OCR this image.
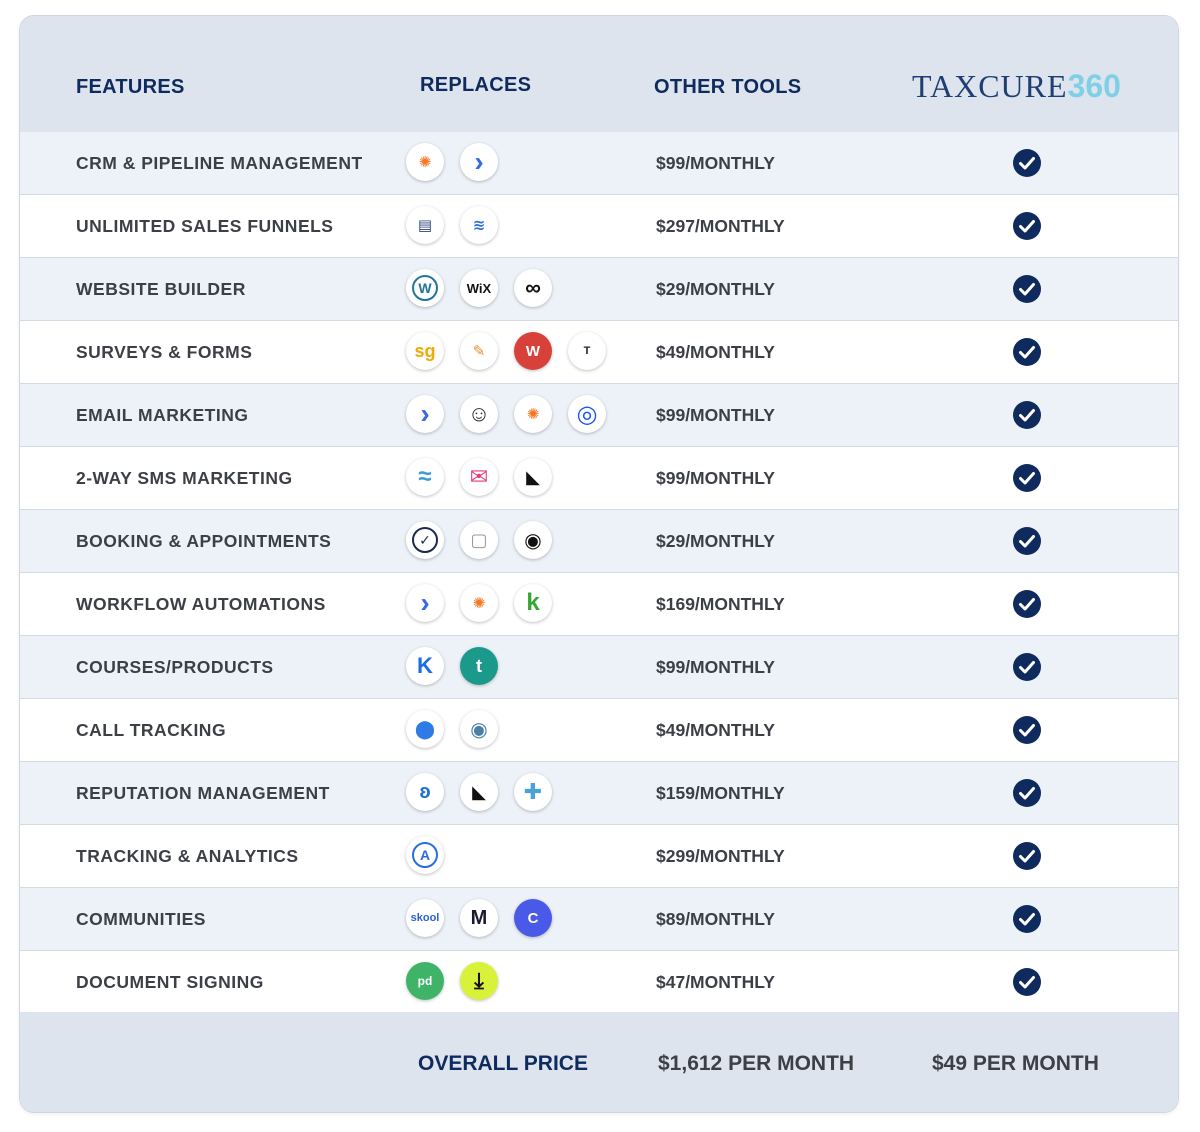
FEATURES	REPLACES	OTHER TOOLS	TAXCURE360
CRM & PIPELINE MANAGEMENT	✺ ›	$99/MONTHLY
UNLIMITED SALES FUNNELS	▤	≋	$297/MONTHLY
WEBSITE BUILDER	W	WiX	∞	$29/MONTHLY
SURVEYS & FORMS	sg	✎	W	T	$49/MONTHLY
EMAIL MARKETING	› ☺ ✺ ◎	$99/MONTHLY
2-WAY SMS MARKETING	≈ ✉ ◣	$99/MONTHLY
BOOKING & APPOINTMENTS	✓	▢ ◉	$29/MONTHLY
WORKFLOW AUTOMATIONS	›	✺ k	$169/MONTHLY
COURSES/PRODUCTS	K	t	$99/MONTHLY
CALL TRACKING	⬤ ◉	$49/MONTHLY
REPUTATION MANAGEMENT	ʚ ◣ ✚	$159/MONTHLY
TRACKING & ANALYTICS	A	$299/MONTHLY
COMMUNITIES	skool M	C	$89/MONTHLY
DOCUMENT SIGNING	pd	⤓	$47/MONTHLY
OVERALL PRICE	$1,612 PER MONTH	$49 PER MONTH
